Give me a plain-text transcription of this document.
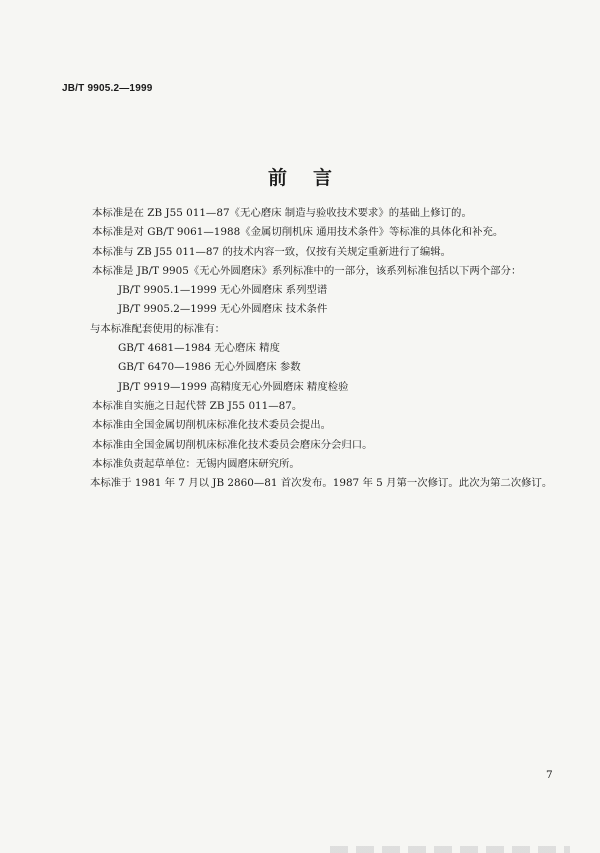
JB/T 9905.2—1999
前言
本标准是在 ZB J55 011—87《无心磨床 制造与验收技术要求》的基础上修订的。
本标准是对 GB/T 9061—1988《金属切削机床 通用技术条件》等标准的具体化和补充。
本标准与 ZB J55 011—87 的技术内容一致，仅按有关规定重新进行了编辑。
本标准是 JB/T 9905《无心外圆磨床》系列标准中的一部分，该系列标准包括以下两个部分：
JB/T 9905.1—1999 无心外圆磨床 系列型谱
JB/T 9905.2—1999 无心外圆磨床 技术条件
与本标准配套使用的标准有：
GB/T 4681—1984 无心磨床 精度
GB/T 6470—1986 无心外圆磨床 参数
JB/T 9919—1999 高精度无心外圆磨床 精度检验
本标准自实施之日起代替 ZB J55 011—87。
本标准由全国金属切削机床标准化技术委员会提出。
本标准由全国金属切削机床标准化技术委员会磨床分会归口。
本标准负责起草单位：无锡内圆磨床研究所。
本标准于 1981 年 7 月以 JB 2860—81 首次发布。1987 年 5 月第一次修订。此次为第二次修订。
7
